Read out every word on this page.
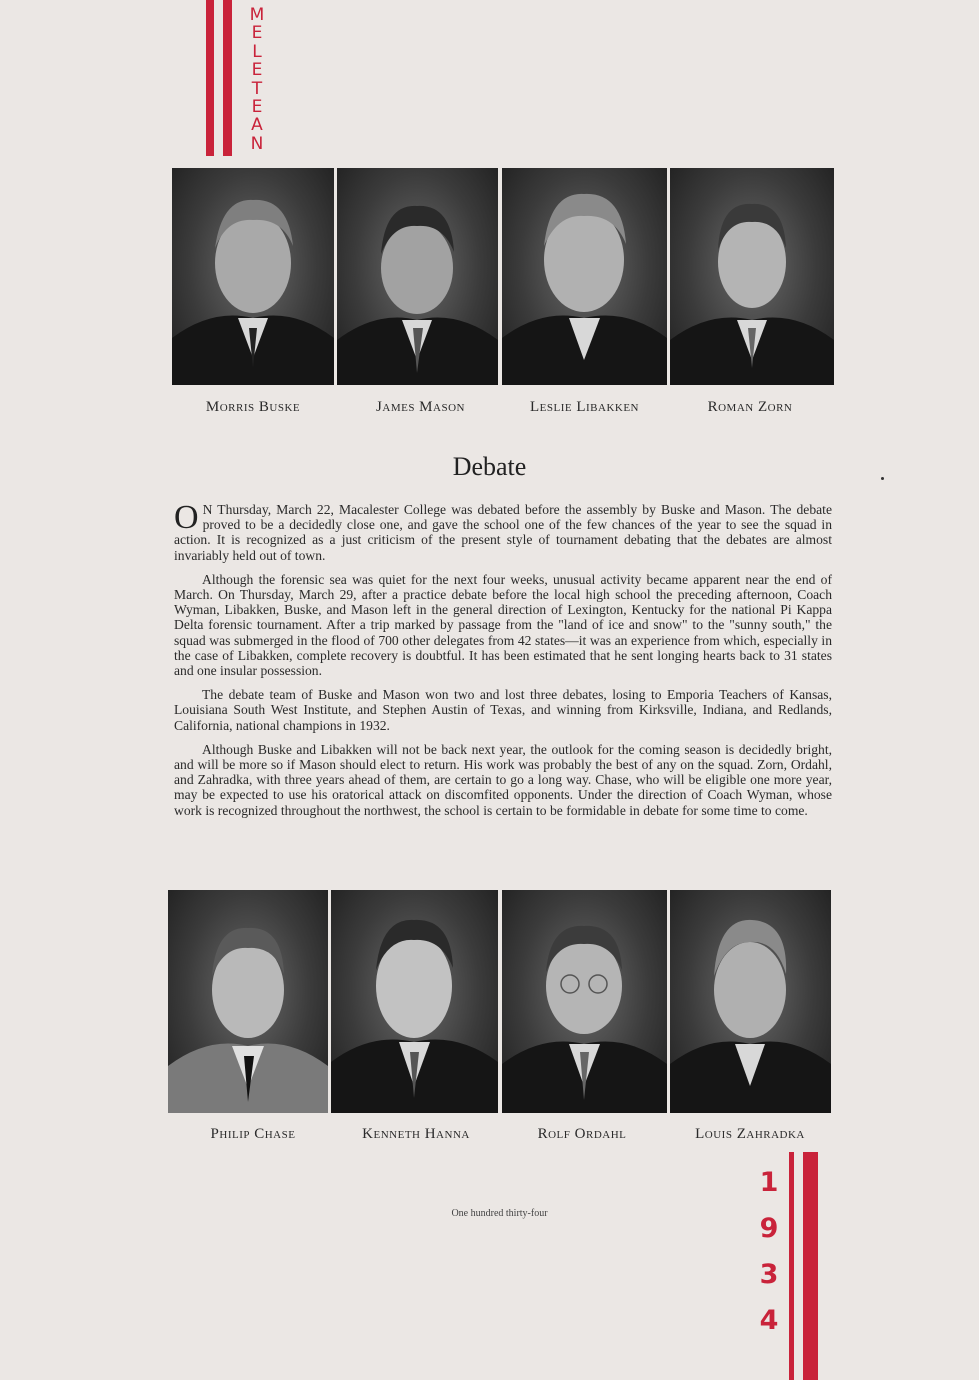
M
E
L
E
T
E
A
N
Morris Buske	James Mason	Leslie Libakken	Roman Zorn
Debate

O N Thursday, March 22, Macalester College was debated before the assembly by Buske and Mason. The debate proved to be a decidedly close one, and gave the school one of the few chances of the year to see the squad in action. It is recognized as a just criticism of the present style of tournament debating that the debates are almost invariably held out of town.

Although the forensic sea was quiet for the next four weeks, unusual activity became apparent near the end of March. On Thursday, March 29, after a practice debate before the local high school the preceding afternoon, Coach Wyman, Libakken, Buske, and Mason left in the general direction of Lexington, Kentucky for the national Pi Kappa Delta forensic tournament. After a trip marked by passage from the "land of ice and snow" to the "sunny south," the squad was submerged in the flood of 700 other delegates from 42 states—it was an experience from which, especially in the case of Libakken, complete recovery is doubtful. It has been estimated that he sent longing hearts back to 31 states and one insular possession.

The debate team of Buske and Mason won two and lost three debates, losing to Emporia Teachers of Kansas, Louisiana South West Institute, and Stephen Austin of Texas, and winning from Kirksville, Indiana, and Redlands, California, national champions in 1932.

Although Buske and Libakken will not be back next year, the outlook for the coming season is decidedly bright, and will be more so if Mason should elect to return. His work was probably the best of any on the squad. Zorn, Ordahl, and Zahradka, with three years ahead of them, are certain to go a long way. Chase, who will be eligible one more year, may be expected to use his oratorical attack on discomfited opponents. Under the direction of Coach Wyman, whose work is recognized throughout the northwest, the school is certain to be formidable in debate for some time to come.

Philip Chase	Kenneth Hanna	Rolf Ordahl	Louis Zahradka
One hundred thirty-four
1
9
3
4
